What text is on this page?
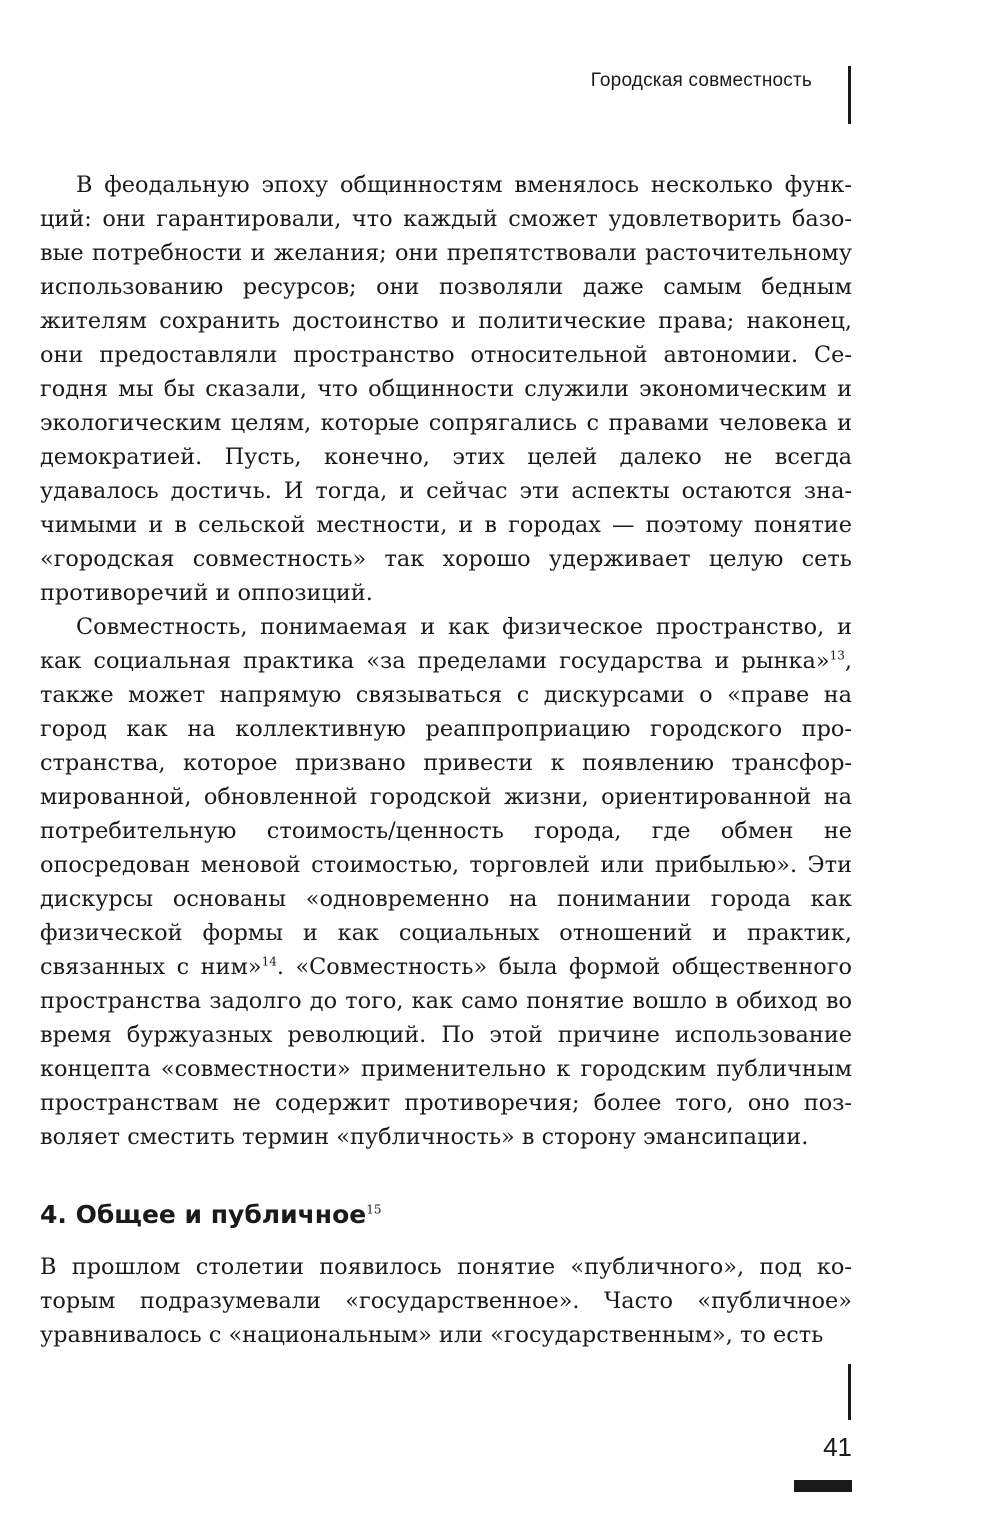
Городская совместность

В феодальную эпоху общинностям вменялось несколько функций: они гарантировали, что каждый сможет удовлетворить базовые потребности и желания; они препятствовали расточительному использованию ресурсов; они позволяли даже самым бедным жителям сохранить достоинство и политические права; наконец, они предоставляли пространство относительной автономии. Сегодня мы бы сказали, что общинности служили экономическим и экологическим целям, которые сопрягались с правами человека и демократией. Пусть, конечно, этих целей далеко не всегда удавалось достичь. И тогда, и сейчас эти аспекты остаются значимыми и в сельской местности, и в городах — поэтому понятие «городская совместность» так хорошо удерживает целую сеть противоречий и оппозиций.

Совместность, понимаемая и как физическое пространство, и как социальная практика «за пределами государства и рынка»$^{13}$, также может напрямую связываться с дискурсами о «праве на город как на коллективную реаппроприацию городского пространства, которое призвано привести к появлению трансформированной, обновленной городской жизни, ориентированной на потребительную стоимость/ценность города, где обмен не опосредован меновой стоимостью, торговлей или прибылью». Эти дискурсы основаны «одновременно на понимании города как физической формы и как социальных отношений и практик, связанных с ним»$^{14}$. «Совместность» была формой общественного пространства задолго до того, как само понятие вошло в обиход во время буржуазных революций. По этой причине использование концепта «совместности» применительно к городским публичным пространствам не содержит противоречия; более того, оно позволяет сместить термин «публичность» в сторону эмансипации.

4. Общее и публичное$^{15}$

В прошлом столетии появилось понятие «публичного», под которым подразумевали «государственное». Часто «публичное» уравнивалось с «национальным» или «государственным», то есть

41
